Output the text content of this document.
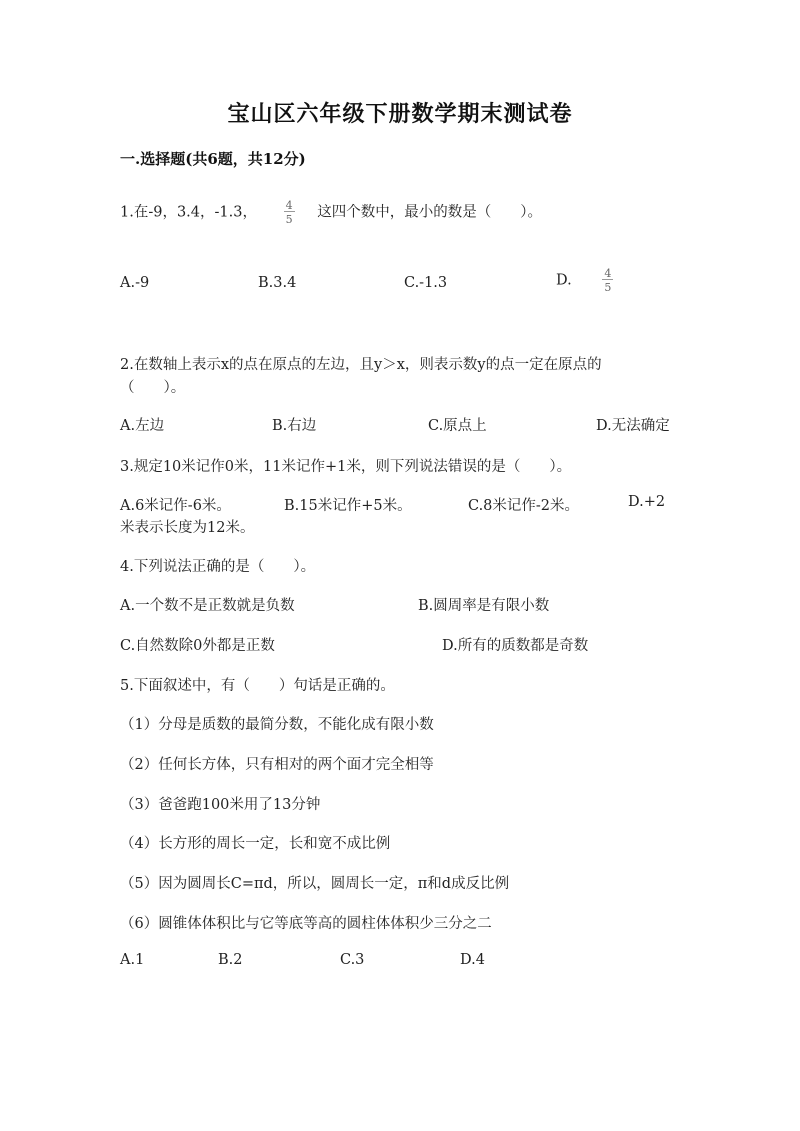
宝山区六年级下册数学期末测试卷
一.选择题(共6题，共12分)
1.在-9，3.4，-1.3， $\frac{4}{5}$ 这四个数中，最小的数是（　　）。
A.-9	B.3.4	C.-1.3	D.	$\frac{4}{5}$
2.在数轴上表示x的点在原点的左边，且y＞x，则表示数y的点一定在原点的
（　　）。
A.左边	B.右边	C.原点上	D.无法确定
3.规定10米记作0米，11米记作+1米，则下列说法错误的是（　　）。
A.6米记作-6米。	B.15米记作+5米。	C.8米记作-2米。	D.+2
米表示长度为12米。
4.下列说法正确的是（　　）。
A.一个数不是正数就是负数	B.圆周率是有限小数
C.自然数除0外都是正数	D.所有的质数都是奇数
5.下面叙述中，有（　　）句话是正确的。
（1）分母是质数的最简分数，不能化成有限小数
（2）任何长方体，只有相对的两个面才完全相等
（3）爸爸跑100米用了13分钟
（4）长方形的周长一定，长和宽不成比例
（5）因为圆周长C=πd，所以，圆周长一定，π和d成反比例
（6）圆锥体体积比与它等底等高的圆柱体体积少三分之二
A.1	B.2	C.3	D.4
